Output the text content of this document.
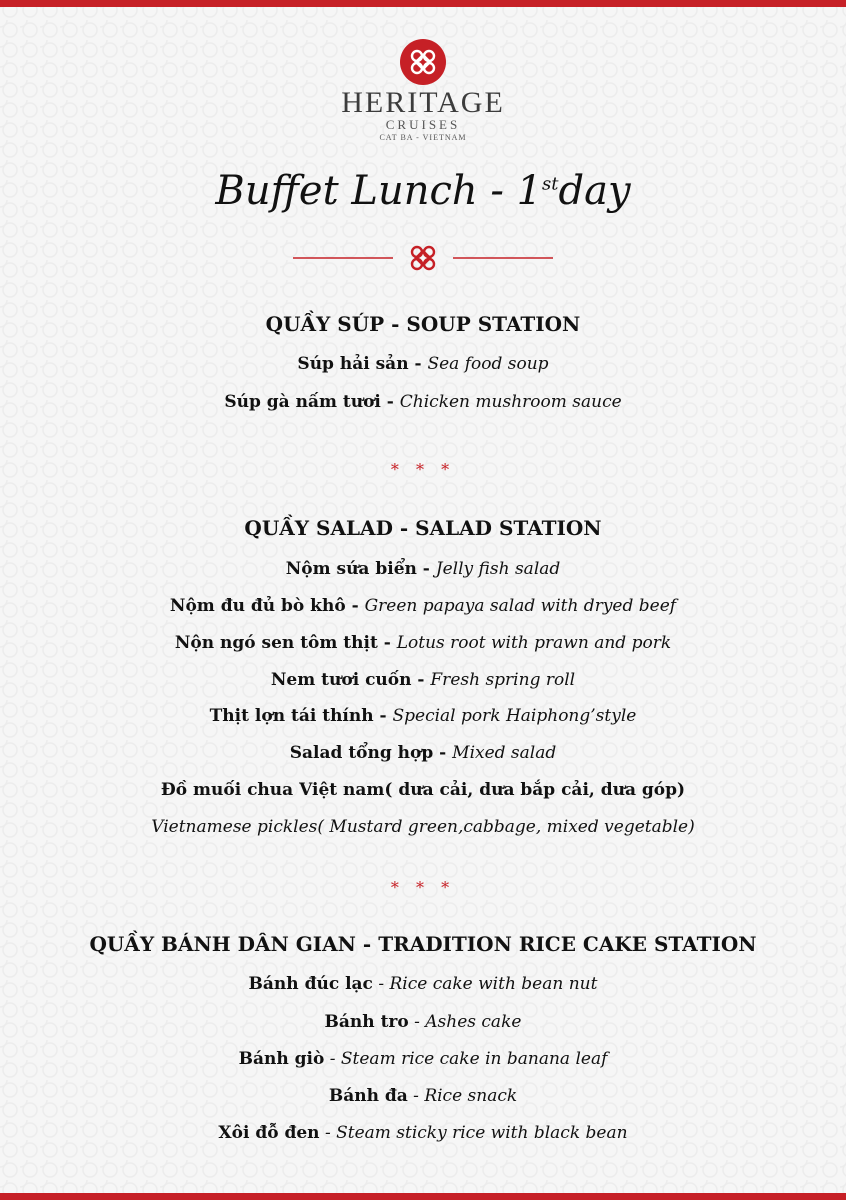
HERITAGE
CRUISES
CAT BA - VIETNAM
Buffet Lunch - 1stday
QUẦY SÚP - SOUP STATION
Súp hải sản - Sea food soup
Súp gà nấm tươi - Chicken mushroom sauce
* * *
QUẦY SALAD - SALAD STATION
Nộm sứa biển - Jelly fish salad
Nộm đu đủ bò khô - Green papaya salad with dryed beef
Nộn ngó sen tôm thịt - Lotus root with prawn and pork
Nem tươi cuốn - Fresh spring roll
Thịt lợn tái thính - Special pork Haiphong’style
Salad tổng hợp - Mixed salad
Đồ muối chua Việt nam( dưa cải, dưa bắp cải, dưa góp)
Vietnamese pickles( Mustard green,cabbage, mixed vegetable)
* * *
QUẦY BÁNH DÂN GIAN - TRADITION RICE CAKE STATION
Bánh đúc lạc - Rice cake with bean nut
Bánh tro - Ashes cake
Bánh giò - Steam rice cake in banana leaf
Bánh đa - Rice snack
Xôi đỗ đen - Steam sticky rice with black bean
